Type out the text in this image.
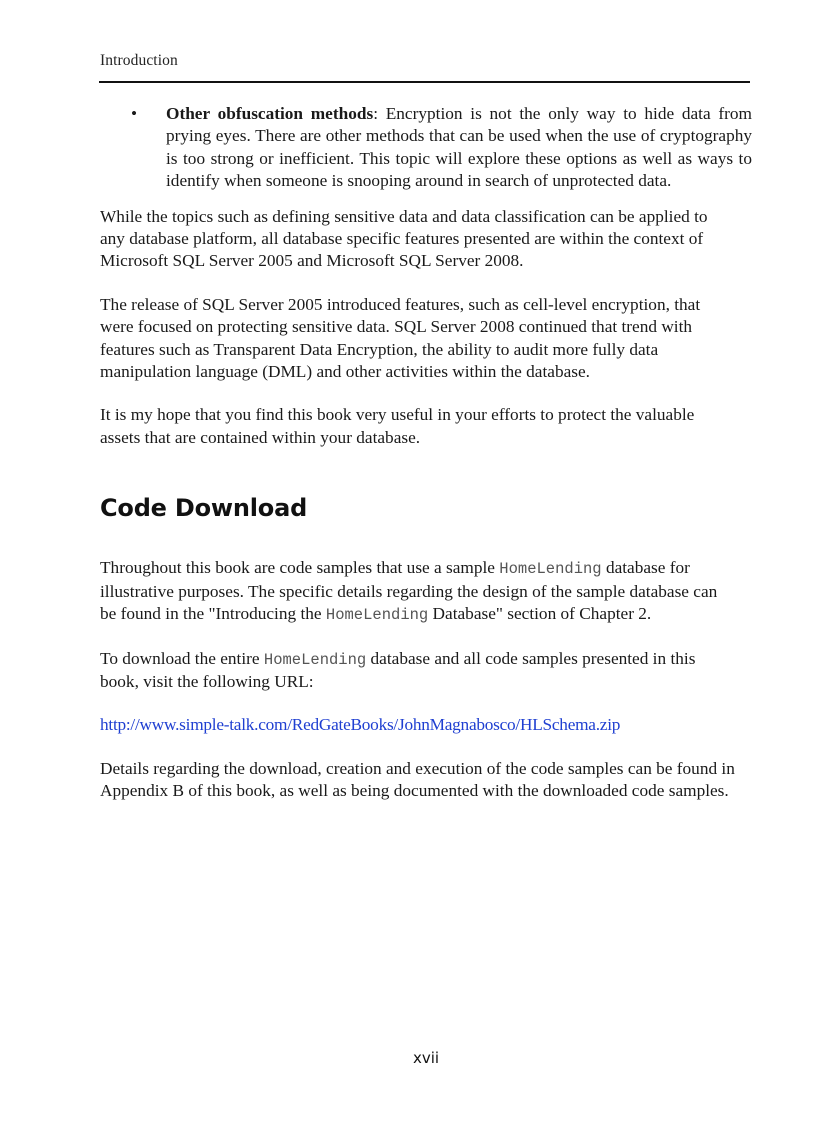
Introduction
• Other obfuscation methods: Encryption is not the only way to hide data from prying eyes. There are other methods that can be used when the use of cryptography is too strong or inefficient. This topic will explore these options as well as ways to identify when someone is snooping around in search of unprotected data.

While the topics such as defining sensitive data and data classification can be applied to any database platform, all database specific features presented are within the context of Microsoft SQL Server 2005 and Microsoft SQL Server 2008.

The release of SQL Server 2005 introduced features, such as cell-level encryption, that were focused on protecting sensitive data. SQL Server 2008 continued that trend with features such as Transparent Data Encryption, the ability to audit more fully data manipulation language (DML) and other activities within the database.

It is my hope that you find this book very useful in your efforts to protect the valuable assets that are contained within your database.

Code Download

Throughout this book are code samples that use a sample HomeLending database for illustrative purposes. The specific details regarding the design of the sample database can be found in the "Introducing the HomeLending Database" section of Chapter 2.

To download the entire HomeLending database and all code samples presented in this book, visit the following URL:

http://www.simple-talk.com/RedGateBooks/JohnMagnabosco/HLSchema.zip

Details regarding the download, creation and execution of the code samples can be found in Appendix B of this book, as well as being documented with the downloaded code samples.

xvii
